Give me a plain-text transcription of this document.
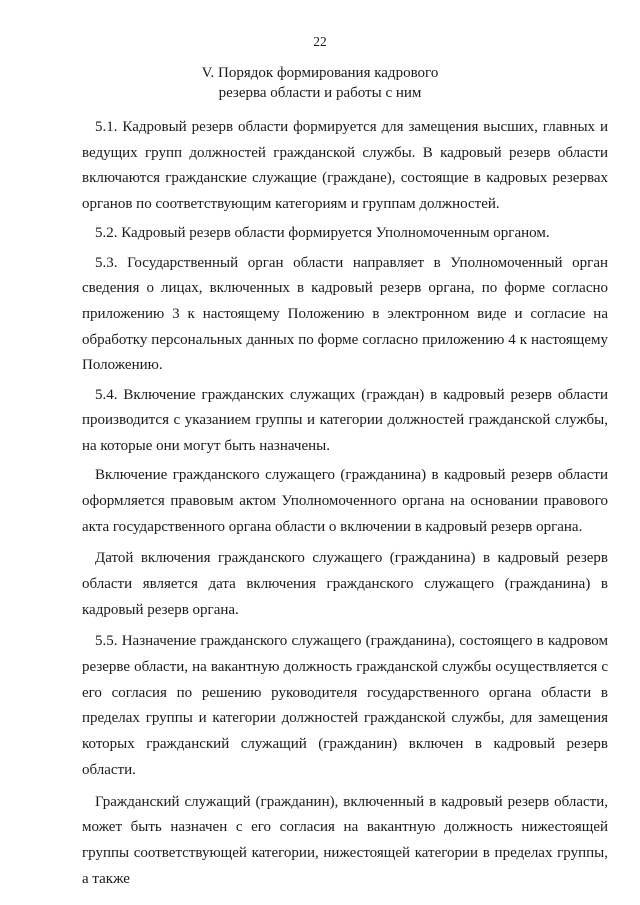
22
V. Порядок формирования кадрового
резерва области и работы с ним

5.1. Кадровый резерв области формируется для замещения высших, главных и ведущих групп должностей гражданской службы. В кадровый резерв области включаются гражданские служащие (граждане), состоящие в кадровых резервах органов по соответствующим категориям и группам должностей.

5.2. Кадровый резерв области формируется Уполномоченным органом.

5.3. Государственный орган области направляет в Уполномоченный орган сведения о лицах, включенных в кадровый резерв органа, по форме согласно приложению 3 к настоящему Положению в электронном виде и согласие на обработку персональных данных по форме согласно приложению 4 к настоящему Положению.

5.4. Включение гражданских служащих (граждан) в кадровый резерв области производится с указанием группы и категории должностей гражданской службы, на которые они могут быть назначены.

Включение гражданского служащего (гражданина) в кадровый резерв области оформляется правовым актом Уполномоченного органа на основании правового акта государственного органа области о включении в кадровый резерв органа.

Датой включения гражданского служащего (гражданина) в кадровый резерв области является дата включения гражданского служащего (гражданина) в кадровый резерв органа.

5.5. Назначение гражданского служащего (гражданина), состоящего в кадровом резерве области, на вакантную должность гражданской службы осуществляется с его согласия по решению руководителя государственного органа области в пределах группы и категории должностей гражданской службы, для замещения которых гражданский служащий (гражданин) включен в кадровый резерв области.

Гражданский служащий (гражданин), включенный в кадровый резерв области, может быть назначен с его согласия на вакантную должность нижестоящей группы соответствующей категории, нижестоящей категории в пределах группы, а также
